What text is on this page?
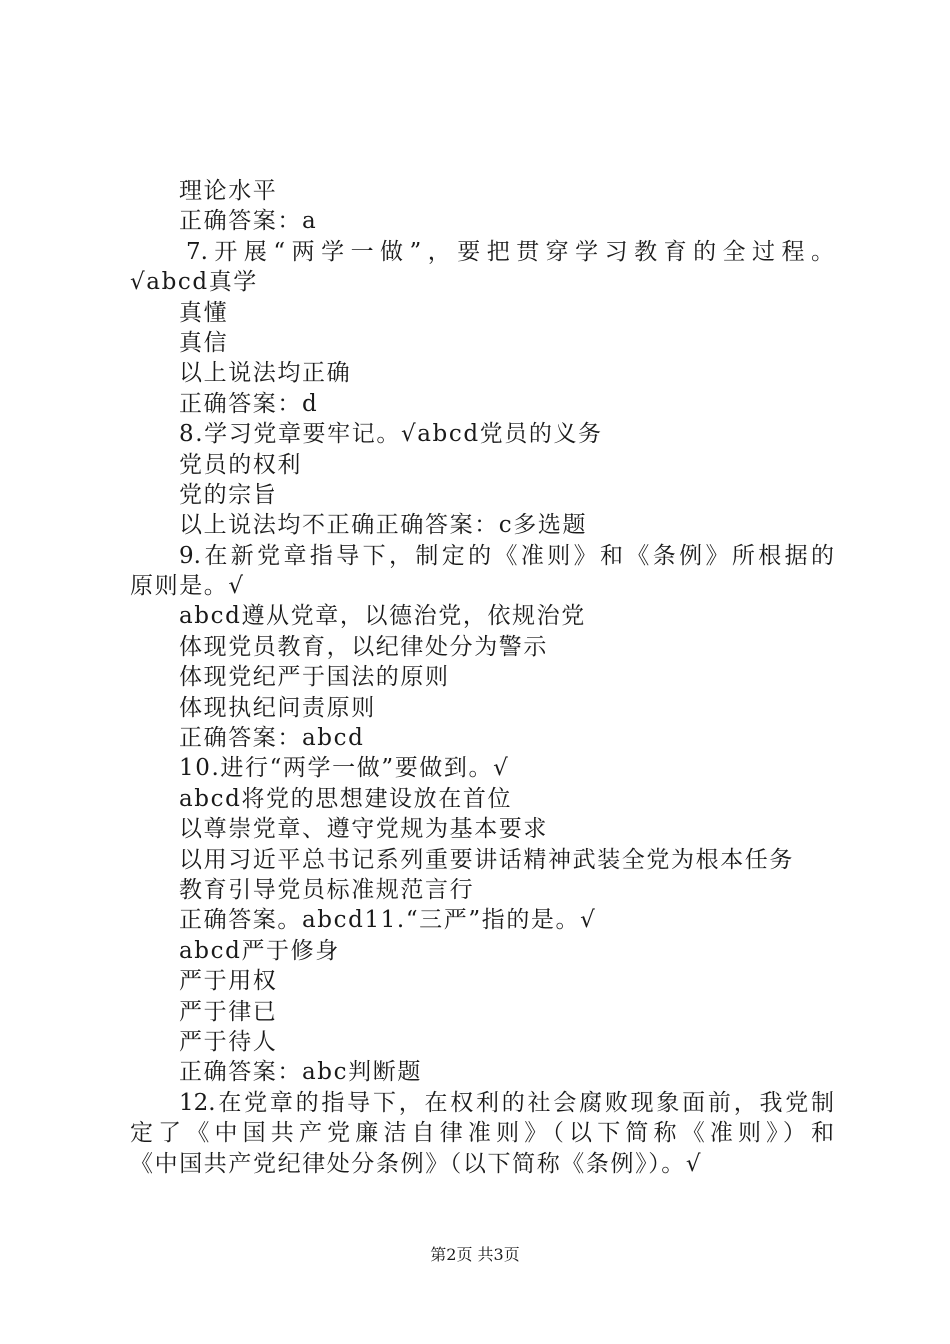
理论水平
正确答案：a
7.开展“两学一做”，要把贯穿学习教育的全过程。
√abcd真学
真懂
真信
以上说法均正确
正确答案：d
8.学习党章要牢记。√abcd党员的义务
党员的权利
党的宗旨
以上说法均不正确正确答案：c多选题
9.在新党章指导下，制定的《准则》和《条例》所根据的
原则是。√
abcd遵从党章，以德治党，依规治党
体现党员教育，以纪律处分为警示
体现党纪严于国法的原则
体现执纪问责原则
正确答案：abcd
10.进行“两学一做”要做到。√
abcd将党的思想建设放在首位
以尊崇党章、遵守党规为基本要求
以用习近平总书记系列重要讲话精神武装全党为根本任务
教育引导党员标准规范言行
正确答案。abcd11.“三严”指的是。√
abcd严于修身
严于用权
严于律已
严于待人
正确答案：abc判断题
12.在党章的指导下，在权利的社会腐败现象面前，我党制
定了《中国共产党廉洁自律准则》（以下简称《准则》）和
《中国共产党纪律处分条例》（以下简称《条例》）。√
第2页 共3页
